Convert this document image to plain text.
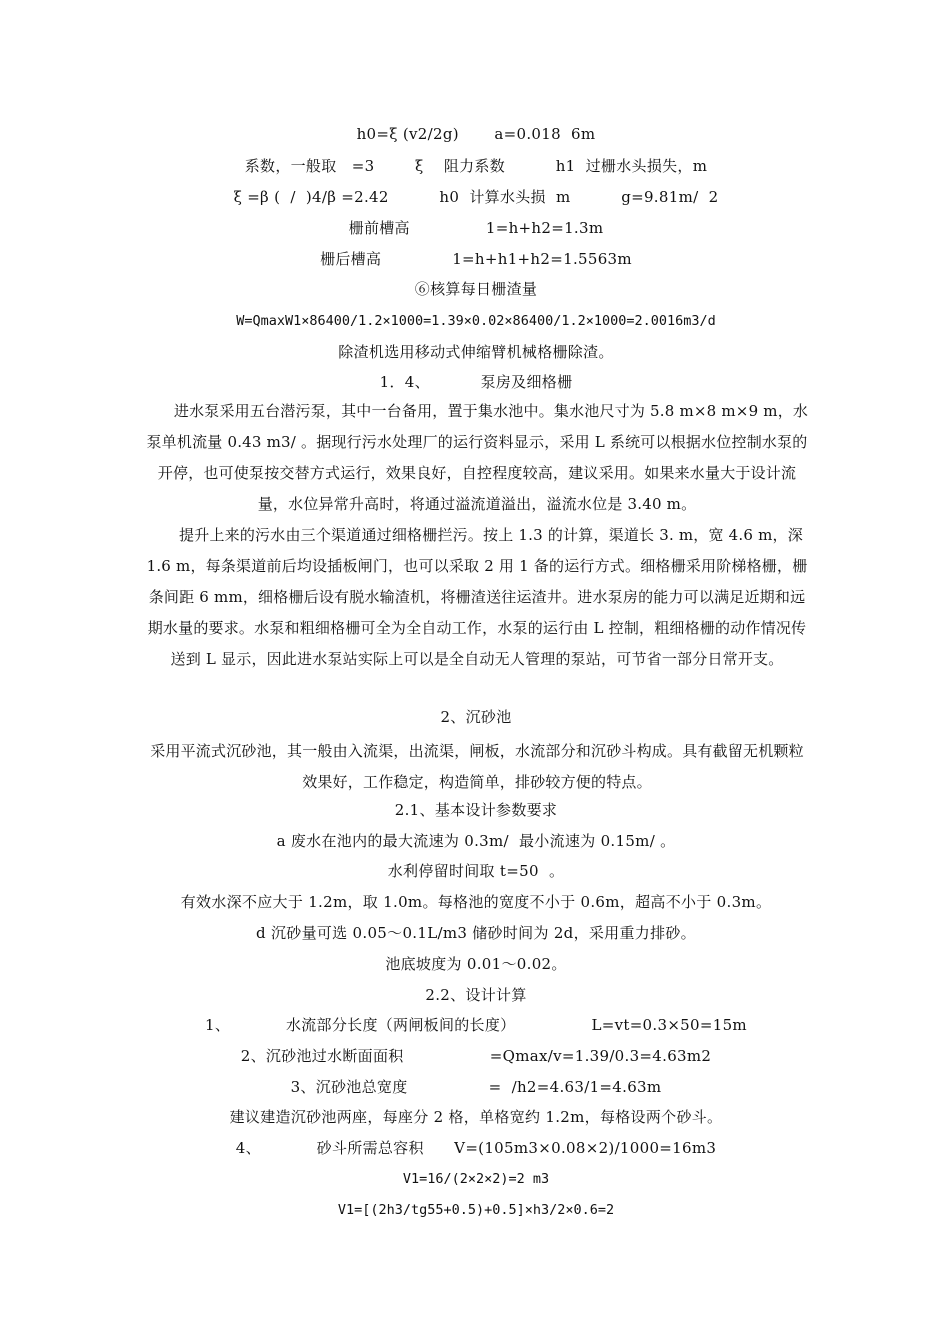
h0=ξ (v2/2g)       a=0.018  6m
系数，一般取   =3        ξ    阻力系数          h1  过栅水头损失，m
ξ =β (  /  )4/β =2.42          h0  计算水头损  m          g=9.81m/  2
栅前槽高               1=h+h2=1.3m
栅后槽高              1=h+h1+h2=1.5563m
⑥核算每日栅渣量
W=QmaxW1×86400/1.2×1000=1.39×0.02×86400/1.2×1000=2.0016m3/d
除渣机选用移动式伸缩臂机械格栅除渣。
1．4、          泵房及细格栅
进水泵采用五台潜污泵，其中一台备用，置于集水池中。集水池尺寸为 5.8 m×8 m×9 m，水泵单机流量 0.43 m3/ 。据现行污水处理厂的运行资料显示，采用 L 系统可以根据水位控制水泵的开停，也可使泵按交替方式运行，效果良好，自控程度较高，建议采用。如果来水量大于设计流量，水位异常升高时，将通过溢流道溢出，溢流水位是 3.40 m。
提升上来的污水由三个渠道通过细格栅拦污。按上 1.3 的计算，渠道长 3. m，宽 4.6 m，深 1.6 m，每条渠道前后均设插板闸门，也可以采取 2 用 1 备的运行方式。细格栅采用阶梯格栅，栅条间距 6 mm，细格栅后设有脱水输渣机，将栅渣送往运渣井。进水泵房的能力可以满足近期和远期水量的要求。水泵和粗细格栅可全为全自动工作，水泵的运行由 L 控制，粗细格栅的动作情况传送到 L 显示，因此进水泵站实际上可以是全自动无人管理的泵站，可节省一部分日常开支。
2、沉砂池
采用平流式沉砂池，其一般由入流渠，出流渠，闸板，水流部分和沉砂斗构成。具有截留无机颗粒效果好，工作稳定，构造简单，排砂较方便的特点。
2.1、基本设计参数要求
a 废水在池内的最大流速为 0.3m/  最小流速为 0.15m/ 。
水利停留时间取 t=50  。
有效水深不应大于 1.2m，取 1.0m。每格池的宽度不小于 0.6m，超高不小于 0.3m。
d 沉砂量可选 0.05～0.1L/m3 储砂时间为 2d，采用重力排砂。
池底坡度为 0.01～0.02。
2.2、设计计算
1、           水流部分长度（两闸板间的长度）               L=vt=0.3×50=15m
2、沉砂池过水断面面积                 =Qmax/v=1.39/0.3=4.63m2
3、沉砂池总宽度                =  /h2=4.63/1=4.63m
建议建造沉砂池两座，每座分 2 格，单格宽约 1.2m，每格设两个砂斗。
4、           砂斗所需总容积      V=(105m3×0.08×2)/1000=16m3
V1=16/(2×2×2)=2 m3
V1=[(2h3/tg55+0.5)+0.5]×h3/2×0.6=2
